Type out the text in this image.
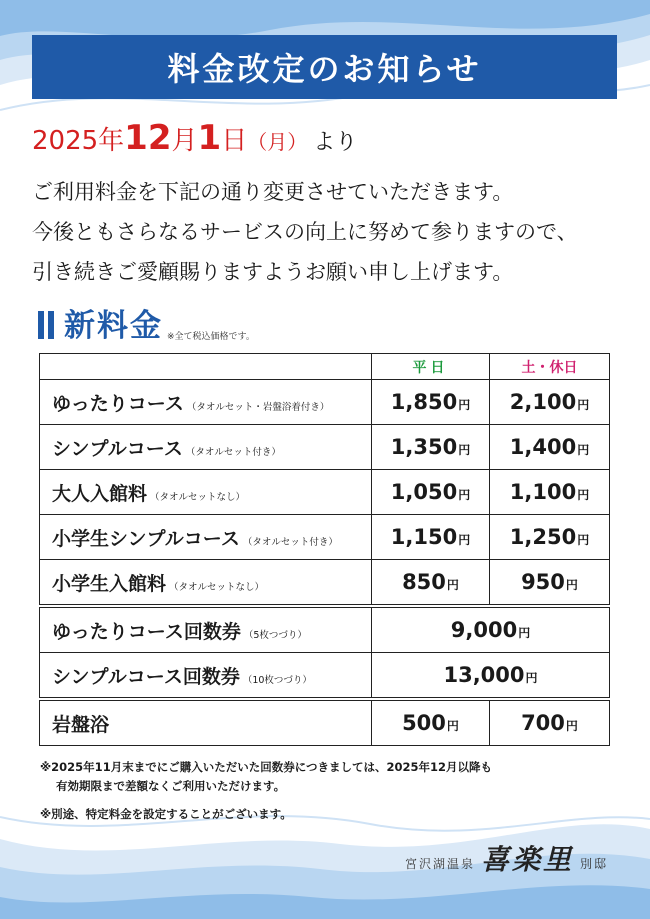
料金改定のお知らせ
2025年 12 月 1 日 （月） より
ご利用料金を下記の通り変更させていただきます。
今後ともさらなるサービスの向上に努めて参りますので、
引き続きご愛顧賜りますようお願い申し上げます。
新料金 ※全て税込価格です。
	平日	土・休日
ゆったりコース （タオルセット・岩盤浴着付き）	1,850円	2,100円
シンプルコース （タオルセット付き）	1,350円	1,400円
大人入館料 （タオルセットなし）	1,050円	1,100円
小学生シンプルコース （タオルセット付き）	1,150円	1,250円
小学生入館料 （タオルセットなし）	850円	950円
ゆったりコース回数券 （5枚つづり）	9,000円	
シンプルコース回数券 （10枚つづり）	13,000円	
岩盤浴	500円	700円
※2025年11月末までにご購入いただいた回数券につきましては、2025年12月以降も
有効期限まで差額なくご利用いただけます。
※別途、特定料金を設定することがございます。
宮沢湖温泉 喜楽里 別邸
